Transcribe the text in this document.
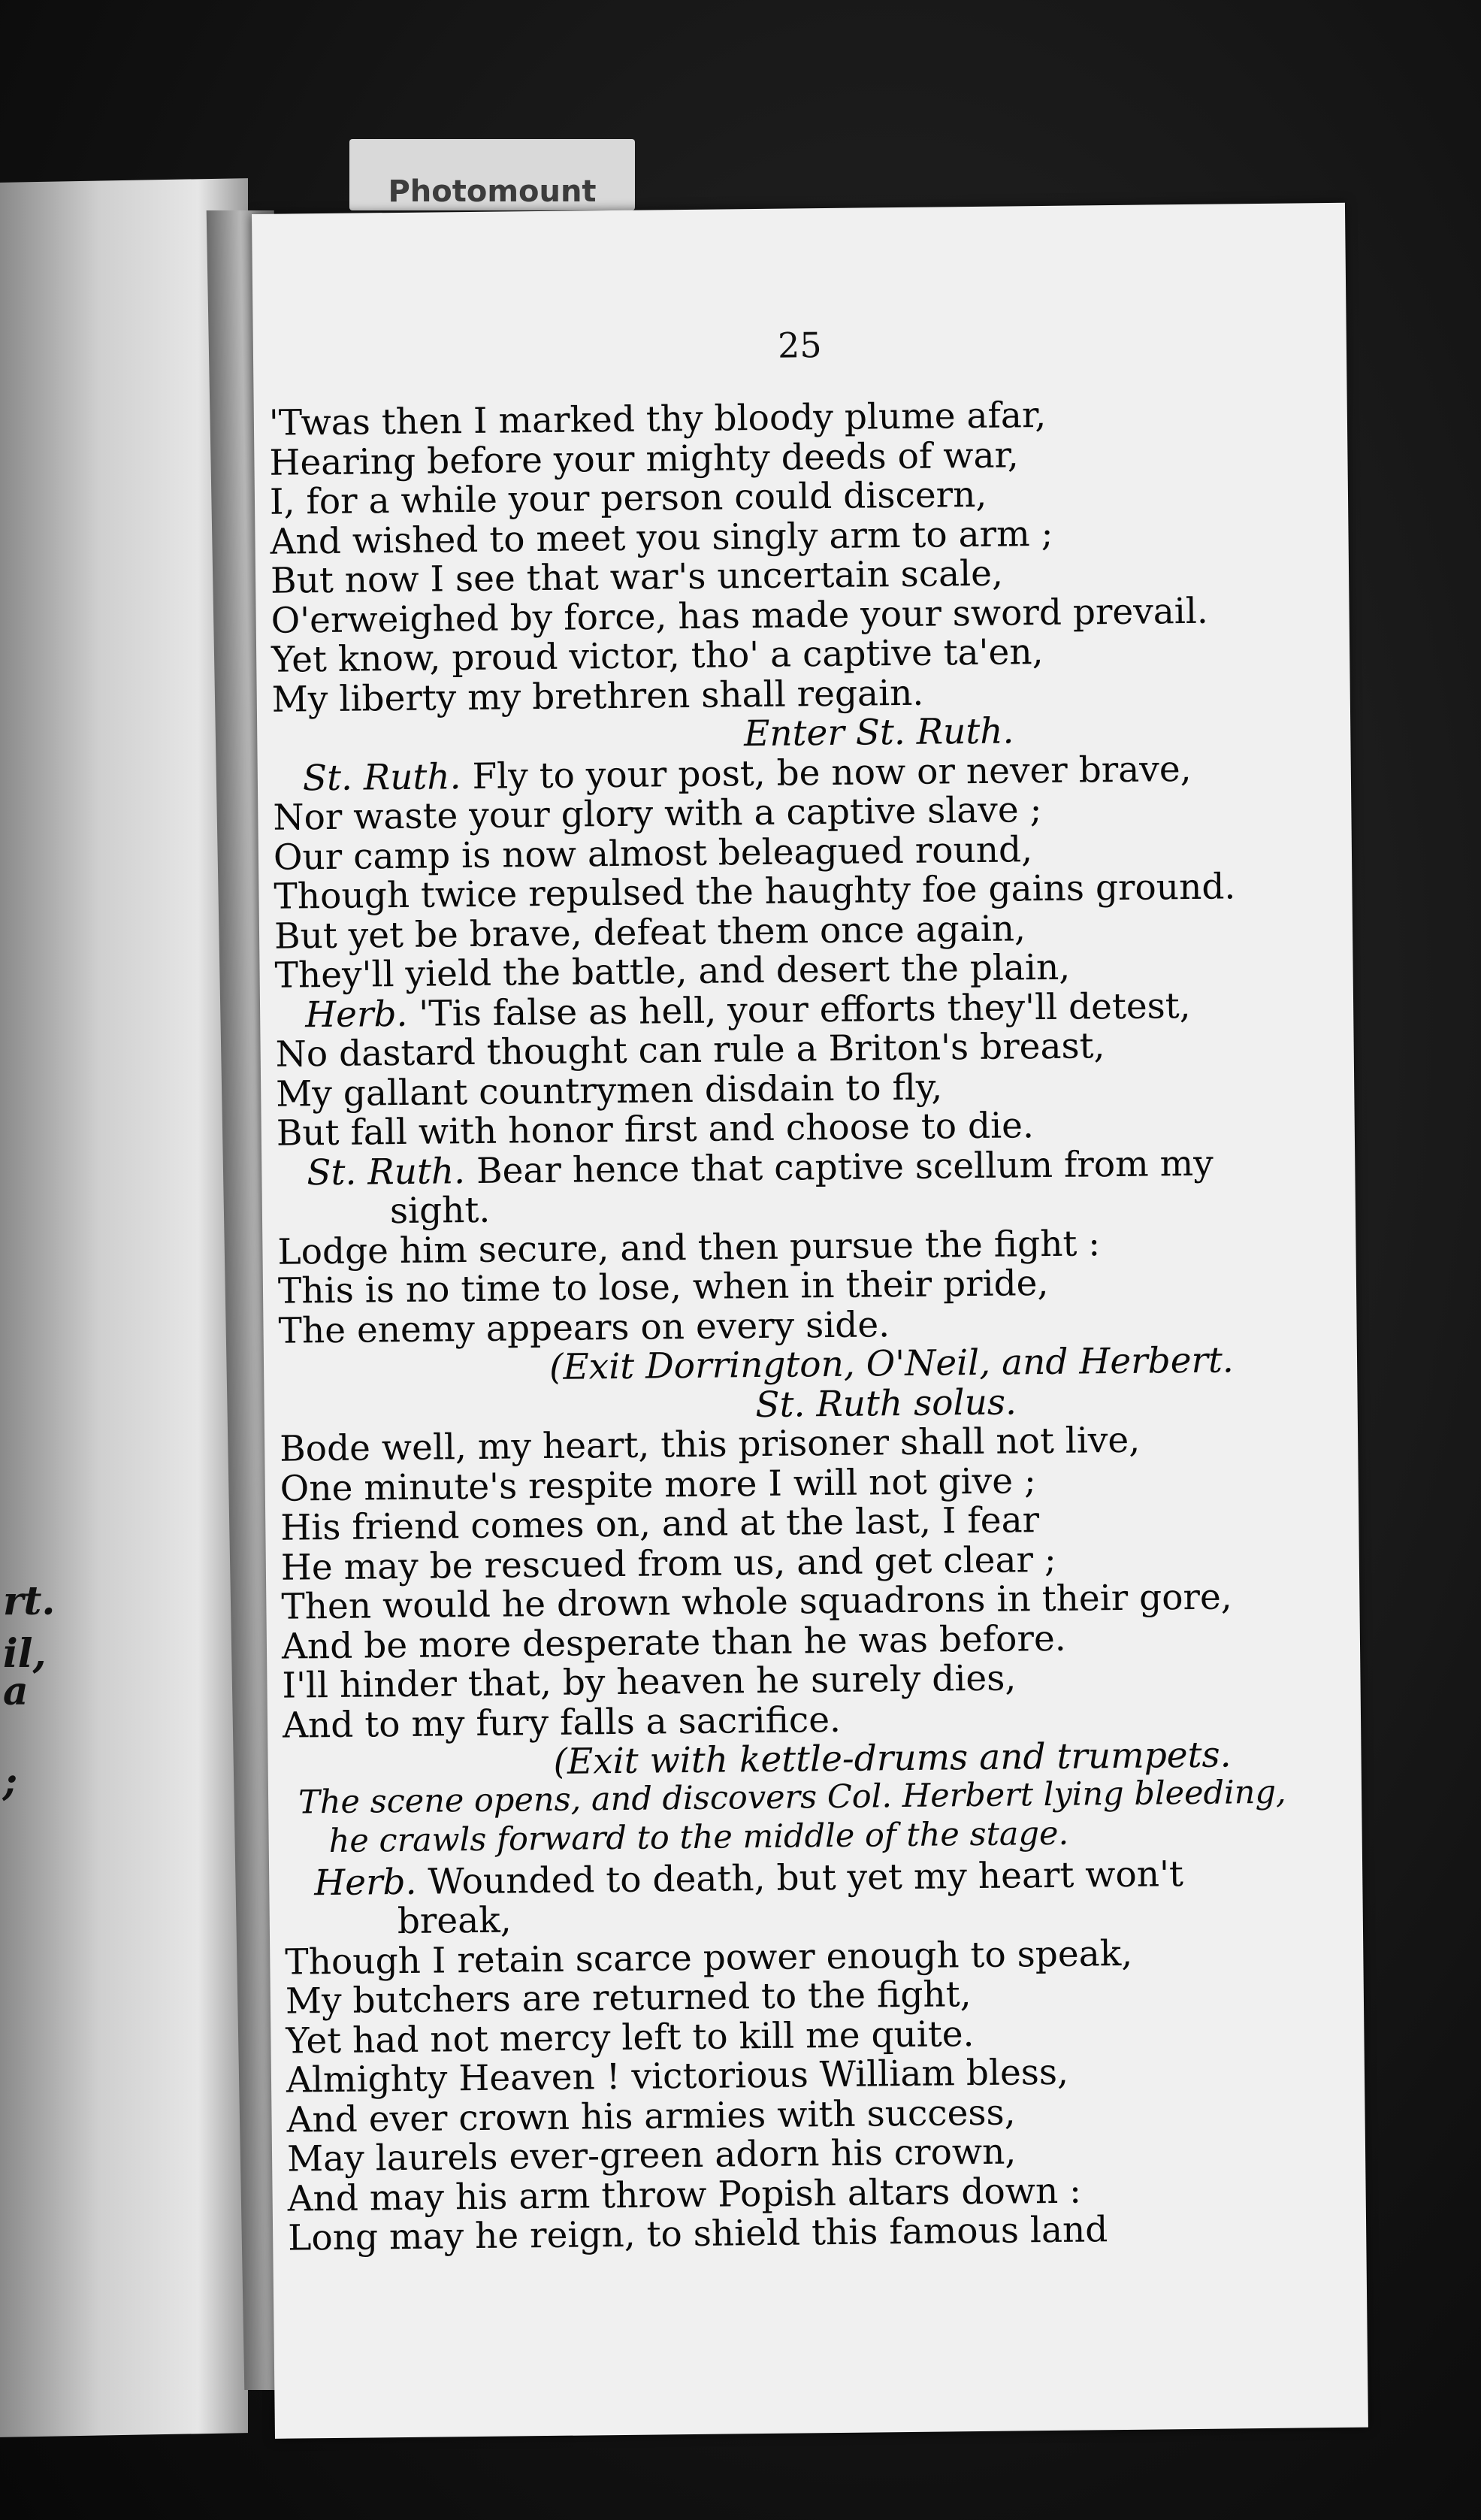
Photomount
25
'Twas then I marked thy bloody plume afar,
Hearing before your mighty deeds of war,
I, for a while your person could discern,
And wished to meet you singly arm to arm ;
But now I see that war's uncertain scale,
O'erweighed by force, has made your sword prevail.
Yet know, proud victor, tho' a captive ta'en,
My liberty my brethren shall regain.
Enter St. Ruth.
St. Ruth. Fly to your post, be now or never brave,
Nor waste your glory with a captive slave ;
Our camp is now almost beleagued round,
Though twice repulsed the haughty foe gains ground.
But yet be brave, defeat them once again,
They'll yield the battle, and desert the plain,
Herb. 'Tis false as hell, your efforts they'll detest,
No dastard thought can rule a Briton's breast,
My gallant countrymen disdain to fly,
But fall with honor first and choose to die.
St. Ruth. Bear hence that captive scellum from my
sight.
Lodge him secure, and then pursue the fight :
This is no time to lose, when in their pride,
The enemy appears on every side.
(Exit Dorrington, O'Neil, and Herbert.
St. Ruth solus.
Bode well, my heart, this prisoner shall not live,
One minute's respite more I will not give ;
His friend comes on, and at the last, I fear
He may be rescued from us, and get clear ;
Then would he drown whole squadrons in their gore,
And be more desperate than he was before.
I'll hinder that, by heaven he surely dies,
And to my fury falls a sacrifice.
(Exit with kettle-drums and trumpets.
The scene opens, and discovers Col. Herbert lying bleeding,
he crawls forward to the middle of the stage.
Herb. Wounded to death, but yet my heart won't
break,
Though I retain scarce power enough to speak,
My butchers are returned to the fight,
Yet had not mercy left to kill me quite.
Almighty Heaven ! victorious William bless,
And ever crown his armies with success,
May laurels ever-green adorn his crown,
And may his arm throw Popish altars down :
Long may he reign, to shield this famous land
rt.
il,
a
;
